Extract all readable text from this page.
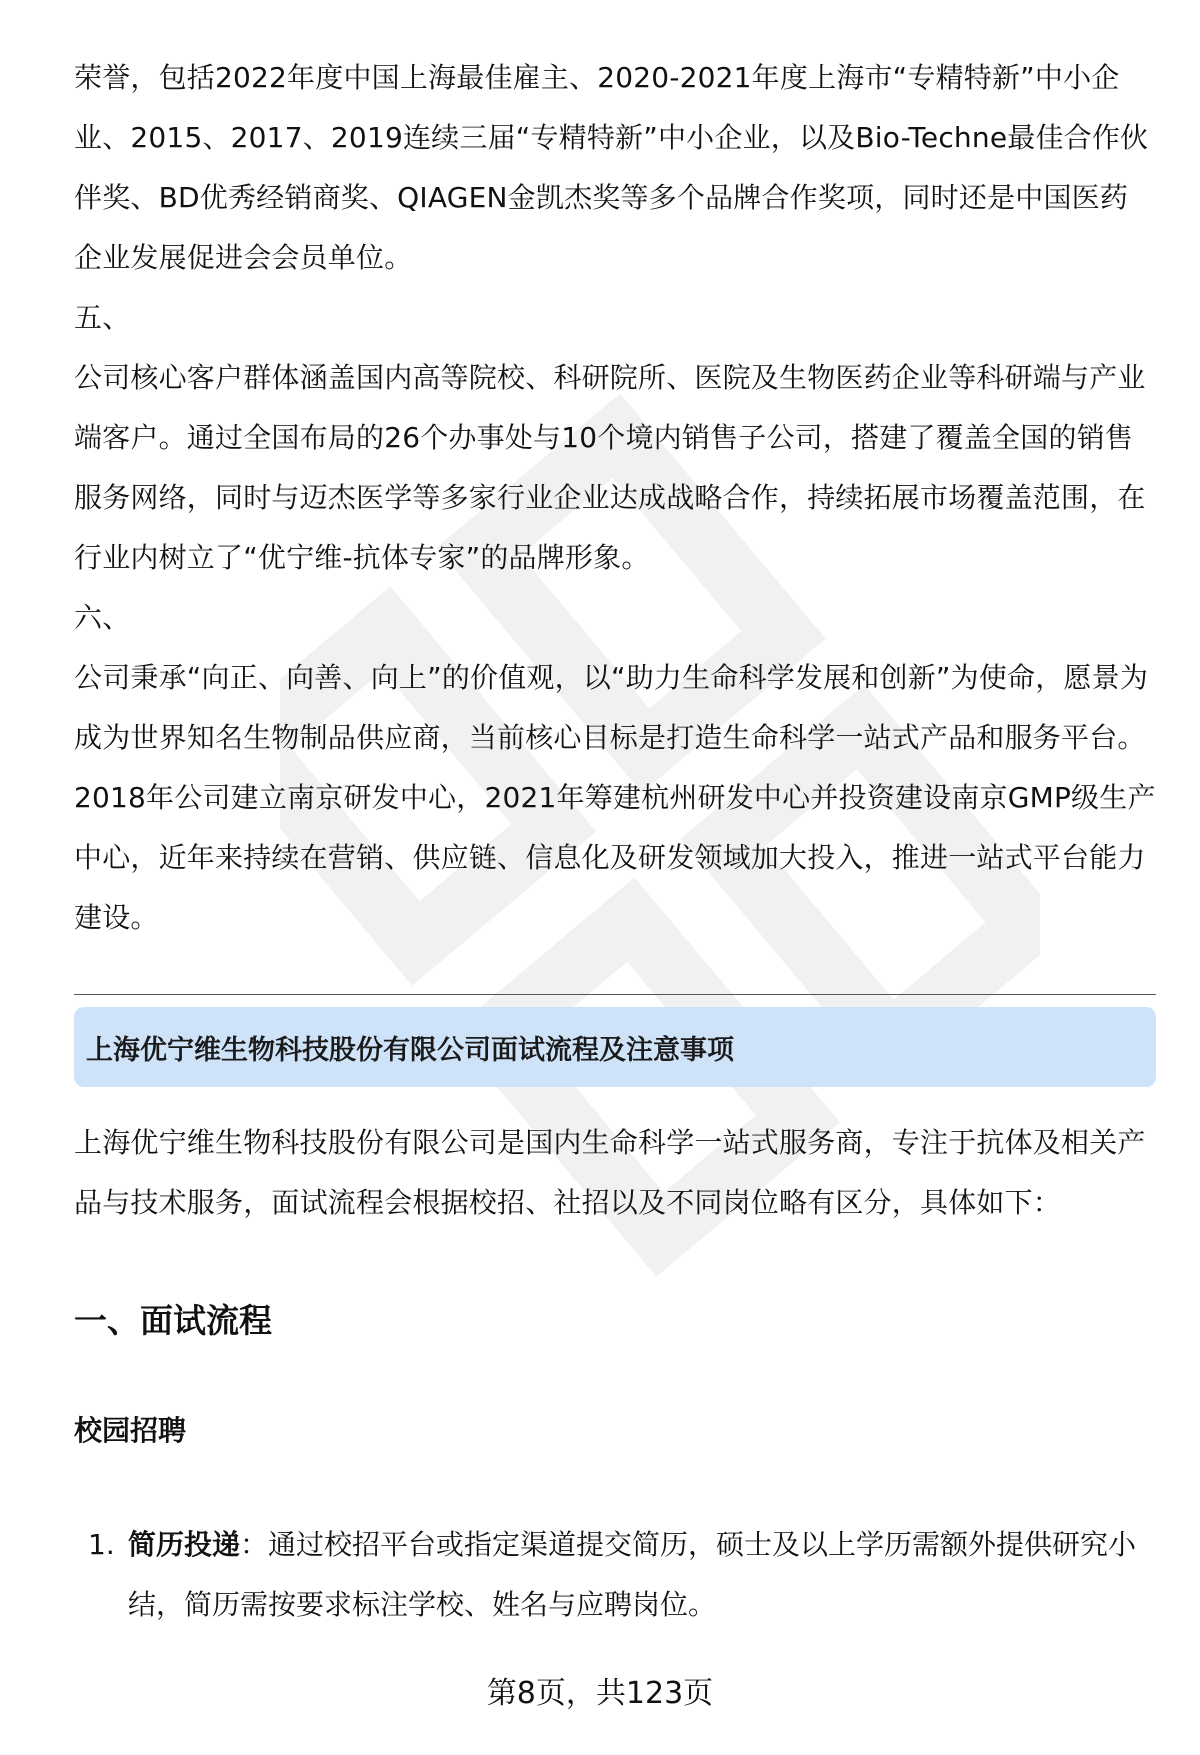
荣誉，包括2022年度中国上海最佳雇主、2020-2021年度上海市“专精特新”中小企业、2015、2017、2019连续三届“专精特新”中小企业，以及Bio-Techne最佳合作伙伴奖、BD优秀经销商奖、QIAGEN金凯杰奖等多个品牌合作奖项，同时还是中国医药企业发展促进会会员单位。

五、

公司核心客户群体涵盖国内高等院校、科研院所、医院及生物医药企业等科研端与产业端客户。通过全国布局的26个办事处与10个境内销售子公司，搭建了覆盖全国的销售服务网络，同时与迈杰医学等多家行业企业达成战略合作，持续拓展市场覆盖范围，在行业内树立了“优宁维-抗体专家”的品牌形象。

六、

公司秉承“向正、向善、向上”的价值观，以“助力生命科学发展和创新”为使命，愿景为成为世界知名生物制品供应商，当前核心目标是打造生命科学一站式产品和服务平台。2018年公司建立南京研发中心，2021年筹建杭州研发中心并投资建设南京GMP级生产中心，近年来持续在营销、供应链、信息化及研发领域加大投入，推进一站式平台能力建设。

上海优宁维生物科技股份有限公司面试流程及注意事项

上海优宁维生物科技股份有限公司是国内生命科学一站式服务商，专注于抗体及相关产品与技术服务，面试流程会根据校招、社招以及不同岗位略有区分，具体如下：

一、面试流程

校园招聘

1. 简历投递：通过校招平台或指定渠道提交简历，硕士及以上学历需额外提供研究小结，简历需按要求标注学校、姓名与应聘岗位。
第8页，共123页
